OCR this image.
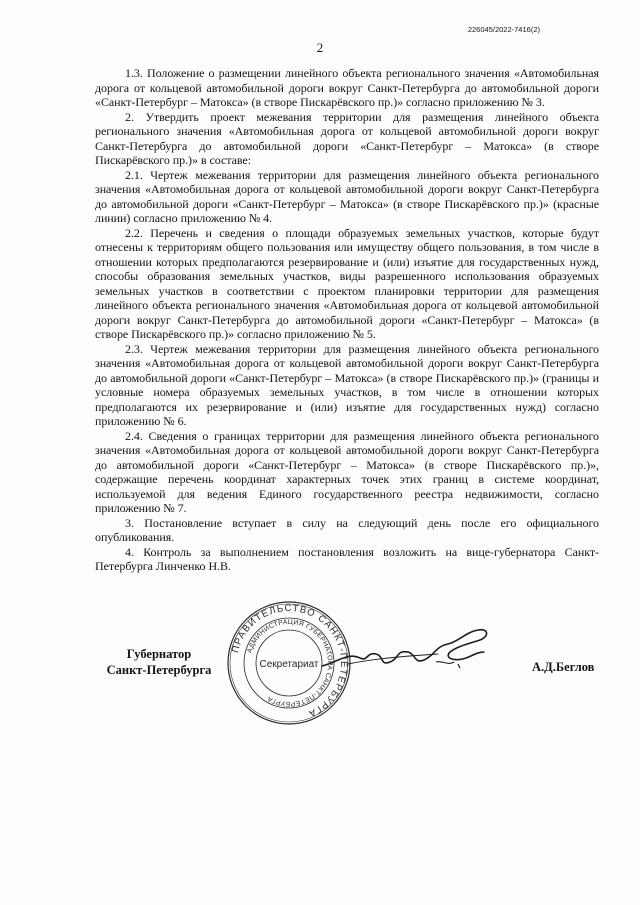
226045/2022-7416(2)
2

1.3. Положение о размещении линейного объекта регионального значения «Автомобильная дорога от кольцевой автомобильной дороги вокруг Санкт-Петербурга до автомобильной дороги «Санкт-Петербург – Матокса» (в створе Пискарёвского пр.)» согласно приложению № 3.

2. Утвердить проект межевания территории для размещения линейного объекта регионального значения «Автомобильная дорога от кольцевой автомобильной дороги вокруг Санкт-Петербурга до автомобильной дороги «Санкт-Петербург – Матокса» (в створе Пискарёвского пр.)» в составе:

2.1. Чертеж межевания территории для размещения линейного объекта регионального значения «Автомобильная дорога от кольцевой автомобильной дороги вокруг Санкт-Петербурга до автомобильной дороги «Санкт-Петербург – Матокса» (в створе Пискарёвского пр.)» (красные линии) согласно приложению № 4.

2.2. Перечень и сведения о площади образуемых земельных участков, которые будут отнесены к территориям общего пользования или имуществу общего пользования, в том числе в отношении которых предполагаются резервирование и (или) изъятие для государственных нужд, способы образования земельных участков, виды разрешенного использования образуемых земельных участков в соответствии с проектом планировки территории для размещения линейного объекта регионального значения «Автомобильная дорога от кольцевой автомобильной дороги вокруг Санкт-Петербурга до автомобильной дороги «Санкт-Петербург – Матокса» (в створе Пискарёвского пр.)» согласно приложению № 5.

2.3. Чертеж межевания территории для размещения линейного объекта регионального значения «Автомобильная дорога от кольцевой автомобильной дороги вокруг Санкт-Петербурга до автомобильной дороги «Санкт-Петербург – Матокса» (в створе Пискарёвского пр.)» (границы и условные номера образуемых земельных участков, в том числе в отношении которых предполагаются их резервирование и (или) изъятие для государственных нужд) согласно приложению № 6.

2.4. Сведения о границах территории для размещения линейного объекта регионального значения «Автомобильная дорога от кольцевой автомобильной дороги вокруг Санкт-Петербурга до автомобильной дороги «Санкт-Петербург – Матокса» (в створе Пискарёвского пр.)», содержащие перечень координат характерных точек этих границ в системе координат, используемой для ведения Единого государственного реестра недвижимости, согласно приложению № 7.

3. Постановление вступает в силу на следующий день после его официального опубликования.

4. Контроль за выполнением постановления возложить на вице-губернатора Санкт-Петербурга Линченко Н.В.

Губернатор
Санкт-Петербурга
ПРАВИТЕЛЬСТВО САНКТ-ПЕТЕРБУРГА
АДМИНИСТРАЦИЯ ГУБЕРНАТОРА САНКТ-ПЕТЕРБУРГА
Секретариат	А.Д.Беглов
